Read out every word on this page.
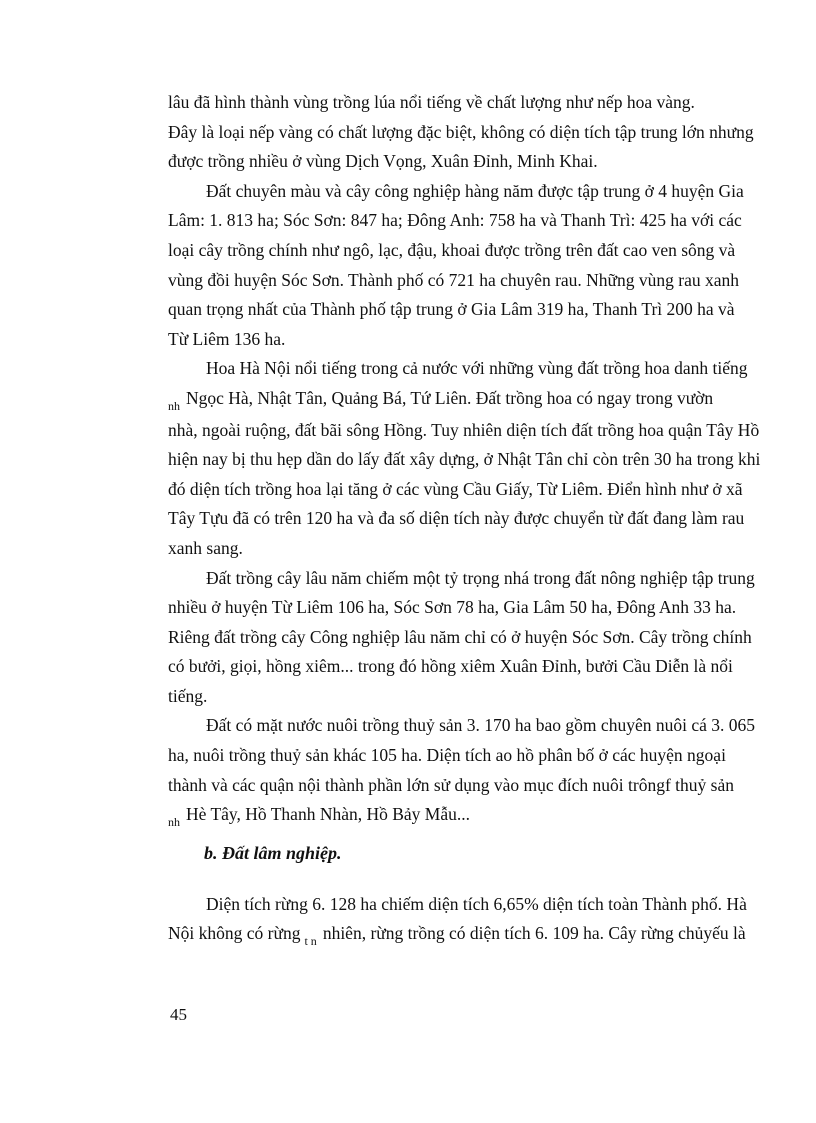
lâu đã hình thành vùng trồng lúa nổi tiếng về chất lượng như nếp hoa vàng.
Đây là loại nếp vàng có chất lượng đặc biệt, không có diện tích tập trung lớn nhưng
được trồng nhiều ở vùng Dịch Vọng, Xuân Đỉnh, Minh Khai.

Đất chuyên màu và cây công nghiệp hàng năm được tập trung ở 4 huyện Gia
Lâm: 1. 813 ha; Sóc Sơn: 847 ha; Đông Anh: 758 ha và Thanh Trì: 425 ha với các
loại cây trồng chính như ngô, lạc, đậu, khoai được trồng trên đất cao ven sông và
vùng đồi huyện Sóc Sơn. Thành phố có 721 ha chuyên rau. Những vùng rau xanh
quan trọng nhất của Thành phố tập trung ở Gia Lâm 319 ha, Thanh Trì 200 ha và
Từ Liêm 136 ha.

Hoa Hà Nội nổi tiếng trong cả nước với những vùng đất trồng hoa danh tiếng
$_{nh}$ Ngọc Hà, Nhật Tân, Quảng Bá, Tứ Liên. Đất trồng hoa có ngay trong vườn
nhà, ngoài ruộng, đất bãi sông Hồng. Tuy nhiên diện tích đất trồng hoa quận Tây Hồ
hiện nay bị thu hẹp dần do lấy đất xây dựng, ở Nhật Tân chỉ còn trên 30 ha trong khi
đó diện tích trồng hoa lại tăng ở các vùng Cầu Giấy, Từ Liêm. Điển hình như ở xã
Tây Tựu đã có trên 120 ha và đa số diện tích này được chuyển từ đất đang làm rau
xanh sang.

Đất trồng cây lâu năm chiếm một tỷ trọng nhá trong đất nông nghiệp tập trung
nhiều ở huyện Từ Liêm 106 ha, Sóc Sơn 78 ha, Gia Lâm 50 ha, Đông Anh 33 ha.
Riêng đất trồng cây Công nghiệp lâu năm chỉ có ở huyện Sóc Sơn. Cây trồng chính
có bưởi, giọi, hồng xiêm... trong đó hồng xiêm Xuân Đỉnh, bưởi Cầu Diễn là nổi
tiếng.

Đất có mặt nước nuôi trồng thuỷ sản 3. 170 ha bao gồm chuyên nuôi cá 3. 065
ha, nuôi trồng thuỷ sản khác 105 ha. Diện tích ao hồ phân bố ở các huyện ngoại
thành và các quận nội thành phần lớn sử dụng vào mục đích nuôi trôngf thuỷ sản
$_{nh}$ Hè Tây, Hồ Thanh Nhàn, Hồ Bảy Mẫu...

b. Đất lâm nghiệp.

Diện tích rừng 6. 128 ha chiếm diện tích 6,65% diện tích toàn Thành phố. Hà
Nội không có rừng $_{t n}$ nhiên, rừng trồng có diện tích 6. 109 ha. Cây rừng chủyếu là

45
